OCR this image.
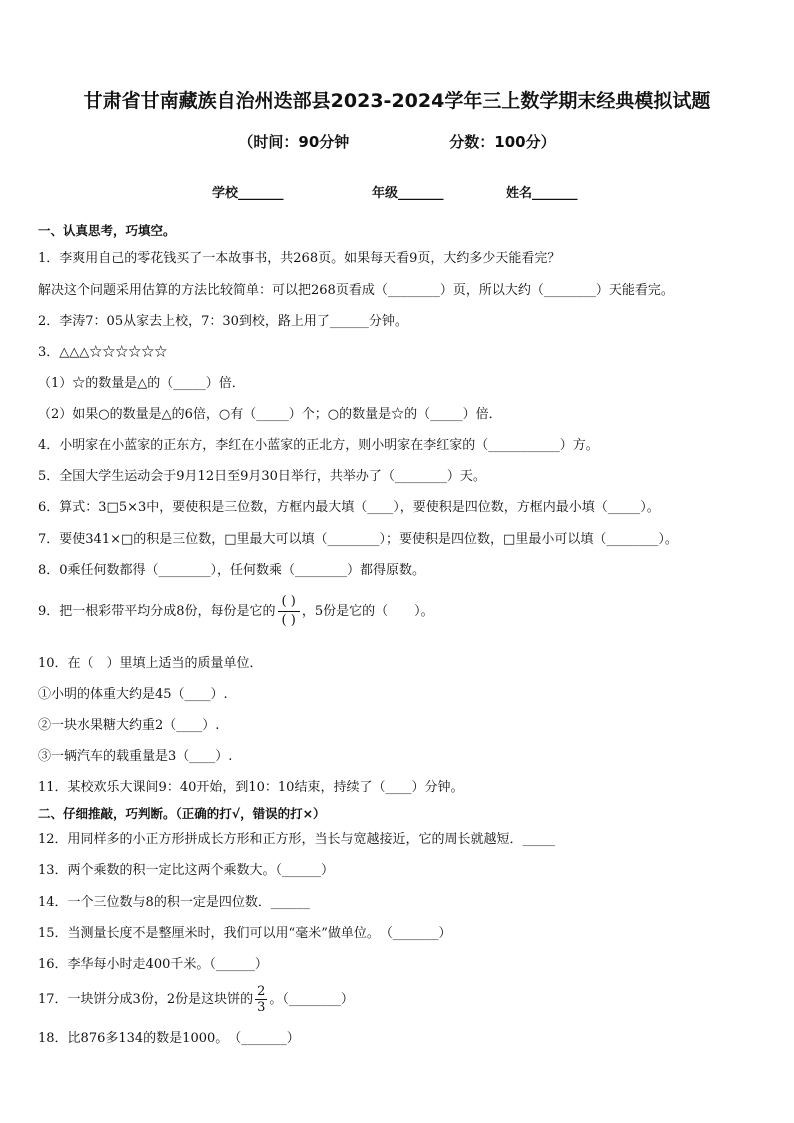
甘肃省甘南藏族自治州迭部县2023-2024学年三上数学期末经典模拟试题
（时间：90分钟	分数：100分）
学校_______	年级_______	姓名_______
一、认真思考，巧填空。
1．李爽用自己的零花钱买了一本故事书，共268页。如果每天看9页，大约多少天能看完？
解决这个问题采用估算的方法比较简单：可以把268页看成（________）页，所以大约（________）天能看完。
2．李涛7：05从家去上校，7：30到校，路上用了______分钟。
3．△△△☆☆☆☆☆☆
（1）☆的数量是△的（_____）倍．
（2）如果○的数量是△的6倍，○有（_____）个；○的数量是☆的（_____）倍．
4．小明家在小蓝家的正东方，李红在小蓝家的正北方，则小明家在李红家的（___________）方。
5．全国大学生运动会于9月12日至9月30日举行，共举办了（________）天。
6．算式：3□5×3中，要使积是三位数，方框内最大填（____），要使积是四位数，方框内最小填（_____）。
7．要使341×□的积是三位数，□里最大可以填（________）；要使积是四位数，□里最小可以填（________）。
8．0乘任何数都得（________），任何数乘（________）都得原数。
9．把一根彩带平均分成8份，每份是它的 $\frac{( )}{( )}$ ，5份是它的（　　）。
10．在（　）里填上适当的质量单位．
①小明的体重大约是45（____）.
②一块水果糖大约重2（____）.
③一辆汽车的载重量是3（____）.
11．某校欢乐大课间9：40开始，到10：10结束，持续了（____）分钟。
二、仔细推敲，巧判断。（正确的打√，错误的打×）
12．用同样多的小正方形拼成长方形和正方形，当长与宽越接近，它的周长就越短．_____
13．两个乘数的积一定比这两个乘数大。（______）
14．一个三位数与8的积一定是四位数．______
15．当测量长度不是整厘米时，我们可以用“毫米”做单位。　（_______）
16．李华每小时走400千米。（______）
17．一块饼分成3份，2份是这块饼的 $\frac{2}{3}$ 。（________）
18．比876多134的数是1000。　（_______）
